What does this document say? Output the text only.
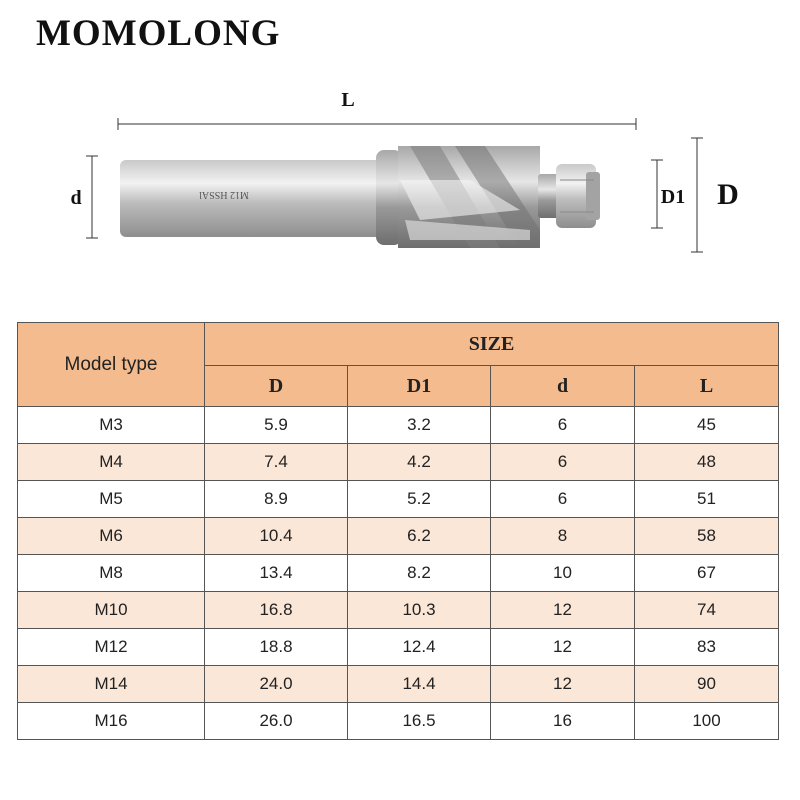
MOMOLONG
L
d	D1 D
M12 HSSAl
Model type	SIZE			
	D	D1	d	L
M3	5.9	3.2	6	45
M4	7.4	4.2	6	48
M5	8.9	5.2	6	51
M6	10.4	6.2	8	58
M8	13.4	8.2	10	67
M10	16.8	10.3	12	74
M12	18.8	12.4	12	83
M14	24.0	14.4	12	90
M16	26.0	16.5	16	100
